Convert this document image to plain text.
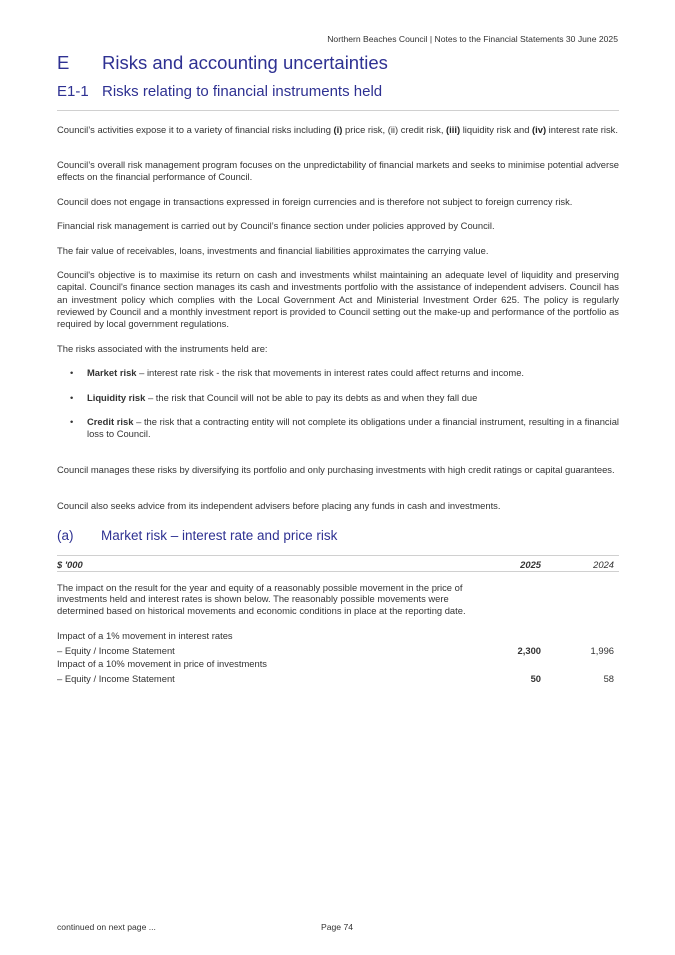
Northern Beaches Council | Notes to the Financial Statements 30 June 2025
E Risks and accounting uncertainties
E1-1 Risks relating to financial instruments held
Council’s activities expose it to a variety of financial risks including (i) price risk, (ii) credit risk, (iii) liquidity risk and (iv) interest rate risk.
Council’s overall risk management program focuses on the unpredictability of financial markets and seeks to minimise potential adverse effects on the financial performance of Council.
Council does not engage in transactions expressed in foreign currencies and is therefore not subject to foreign currency risk.
Financial risk management is carried out by Council’s finance section under policies approved by Council.
The fair value of receivables, loans, investments and financial liabilities approximates the carrying value.
Council's objective is to maximise its return on cash and investments whilst maintaining an adequate level of liquidity and preserving capital. Council's finance section manages its cash and investments portfolio with the assistance of independent advisers. Council has an investment policy which complies with the Local Government Act and Ministerial Investment Order 625. The policy is regularly reviewed by Council and a monthly investment report is provided to Council setting out the make-up and performance of the portfolio as required by local government regulations.
The risks associated with the instruments held are:
• Market risk – interest rate risk - the risk that movements in interest rates could affect returns and income.
• Liquidity risk – the risk that Council will not be able to pay its debts as and when they fall due
• Credit risk – the risk that a contracting entity will not complete its obligations under a financial instrument, resulting in a financial loss to Council.
Council manages these risks by diversifying its portfolio and only purchasing investments with high credit ratings or capital guarantees.
Council also seeks advice from its independent advisers before placing any funds in cash and investments.
(a) Market risk – interest rate and price risk
$ '000	2025	2024
The impact on the result for the year and equity of a reasonably possible movement in the price of investments held and interest rates is shown below. The reasonably possible movements were determined based on historical movements and economic conditions in place at the reporting date.
Impact of a 1% movement in interest rates
– Equity / Income Statement	2,300	1,996
Impact of a 10% movement in price of investments
– Equity / Income Statement	50	58
continued on next page ...	Page 74
